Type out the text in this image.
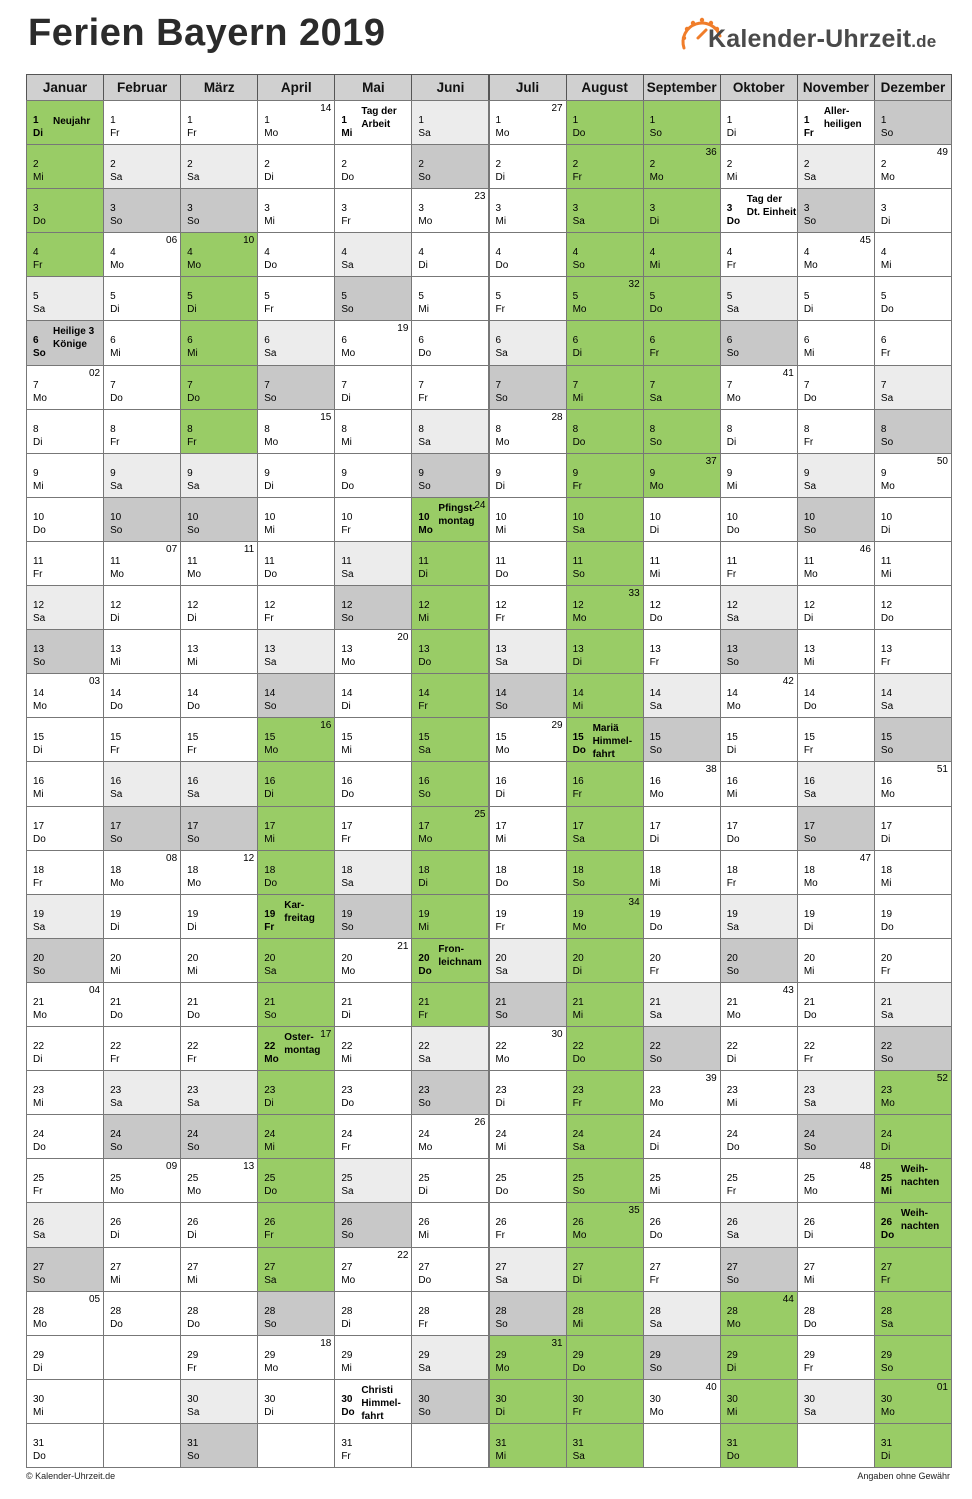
Ferien Bayern 2019	Kalender-Uhrzeit.de
Januar
1
Di
Neujahr
2
Mi
3
Do
4
Fr
5
Sa
6
So
Heilige 3 Könige
7
Mo
02
8
Di
9
Mi
10
Do
11
Fr
12
Sa
13
So
14
Mo
03
15
Di
16
Mi
17
Do
18
Fr
19
Sa
20
So
21
Mo
04
22
Di
23
Mi
24
Do
25
Fr
26
Sa
27
So
28
Mo
05
29
Di
30
Mi
31
Do
Februar
1
Fr
2
Sa
3
So
4
Mo
06
5
Di
6
Mi
7
Do
8
Fr
9
Sa
10
So
11
Mo
07
12
Di
13
Mi
14
Do
15
Fr
16
Sa
17
So
18
Mo
08
19
Di
20
Mi
21
Do
22
Fr
23
Sa
24
So
25
Mo
09
26
Di
27
Mi
28
Do
März
1
Fr
2
Sa
3
So
4
Mo
10
5
Di
6
Mi
7
Do
8
Fr
9
Sa
10
So
11
Mo
11
12
Di
13
Mi
14
Do
15
Fr
16
Sa
17
So
18
Mo
12
19
Di
20
Mi
21
Do
22
Fr
23
Sa
24
So
25
Mo
13
26
Di
27
Mi
28
Do
29
Fr
30
Sa
31
So
April
1
Mo
14
2
Di
3
Mi
4
Do
5
Fr
6
Sa
7
So
8
Mo
15
9
Di
10
Mi
11
Do
12
Fr
13
Sa
14
So
15
Mo
16
16
Di
17
Mi
18
Do
19
Fr
Kar-freitag
20
Sa
21
So
22
Mo
Oster-montag
17
23
Di
24
Mi
25
Do
26
Fr
27
Sa
28
So
29
Mo
18
30
Di
Mai
1
Mi
Tag der Arbeit
2
Do
3
Fr
4
Sa
5
So
6
Mo
19
7
Di
8
Mi
9
Do
10
Fr
11
Sa
12
So
13
Mo
20
14
Di
15
Mi
16
Do
17
Fr
18
Sa
19
So
20
Mo
21
21
Di
22
Mi
23
Do
24
Fr
25
Sa
26
So
27
Mo
22
28
Di
29
Mi
30
Do
Christi Himmel-fahrt
31
Fr
Juni
1
Sa
2
So
3
Mo
23
4
Di
5
Mi
6
Do
7
Fr
8
Sa
9
So
10
Mo
Pfingst-montag
24
11
Di
12
Mi
13
Do
14
Fr
15
Sa
16
So
17
Mo
25
18
Di
19
Mi
20
Do
Fron-leichnam
21
Fr
22
Sa
23
So
24
Mo
26
25
Di
26
Mi
27
Do
28
Fr
29
Sa
30
So
Juli
1
Mo
27
2
Di
3
Mi
4
Do
5
Fr
6
Sa
7
So
8
Mo
28
9
Di
10
Mi
11
Do
12
Fr
13
Sa
14
So
15
Mo
29
16
Di
17
Mi
18
Do
19
Fr
20
Sa
21
So
22
Mo
30
23
Di
24
Mi
25
Do
26
Fr
27
Sa
28
So
29
Mo
31
30
Di
31
Mi
August
1
Do
2
Fr
3
Sa
4
So
5
Mo
32
6
Di
7
Mi
8
Do
9
Fr
10
Sa
11
So
12
Mo
33
13
Di
14
Mi
15
Do
Mariä Himmel-fahrt
16
Fr
17
Sa
18
So
19
Mo
34
20
Di
21
Mi
22
Do
23
Fr
24
Sa
25
So
26
Mo
35
27
Di
28
Mi
29
Do
30
Fr
31
Sa
September
1
So
2
Mo
36
3
Di
4
Mi
5
Do
6
Fr
7
Sa
8
So
9
Mo
37
10
Di
11
Mi
12
Do
13
Fr
14
Sa
15
So
16
Mo
38
17
Di
18
Mi
19
Do
20
Fr
21
Sa
22
So
23
Mo
39
24
Di
25
Mi
26
Do
27
Fr
28
Sa
29
So
30
Mo
40
Oktober
1
Di
2
Mi
3
Do
Tag der Dt. Einheit
4
Fr
5
Sa
6
So
7
Mo
41
8
Di
9
Mi
10
Do
11
Fr
12
Sa
13
So
14
Mo
42
15
Di
16
Mi
17
Do
18
Fr
19
Sa
20
So
21
Mo
43
22
Di
23
Mi
24
Do
25
Fr
26
Sa
27
So
28
Mo
44
29
Di
30
Mi
31
Do
November
1
Fr
Aller-heiligen
2
Sa
3
So
4
Mo
45
5
Di
6
Mi
7
Do
8
Fr
9
Sa
10
So
11
Mo
46
12
Di
13
Mi
14
Do
15
Fr
16
Sa
17
So
18
Mo
47
19
Di
20
Mi
21
Do
22
Fr
23
Sa
24
So
25
Mo
48
26
Di
27
Mi
28
Do
29
Fr
30
Sa
Dezember
1
So
2
Mo
49
3
Di
4
Mi
5
Do
6
Fr
7
Sa
8
So
9
Mo
50
10
Di
11
Mi
12
Do
13
Fr
14
Sa
15
So
16
Mo
51
17
Di
18
Mi
19
Do
20
Fr
21
Sa
22
So
23
Mo
52
24
Di
25
Mi
Weih-nachten
26
Do
Weih-nachten
27
Fr
28
Sa
29
So
30
Mo
01
31
Di
© Kalender-Uhrzeit.de	Angaben ohne Gewähr
